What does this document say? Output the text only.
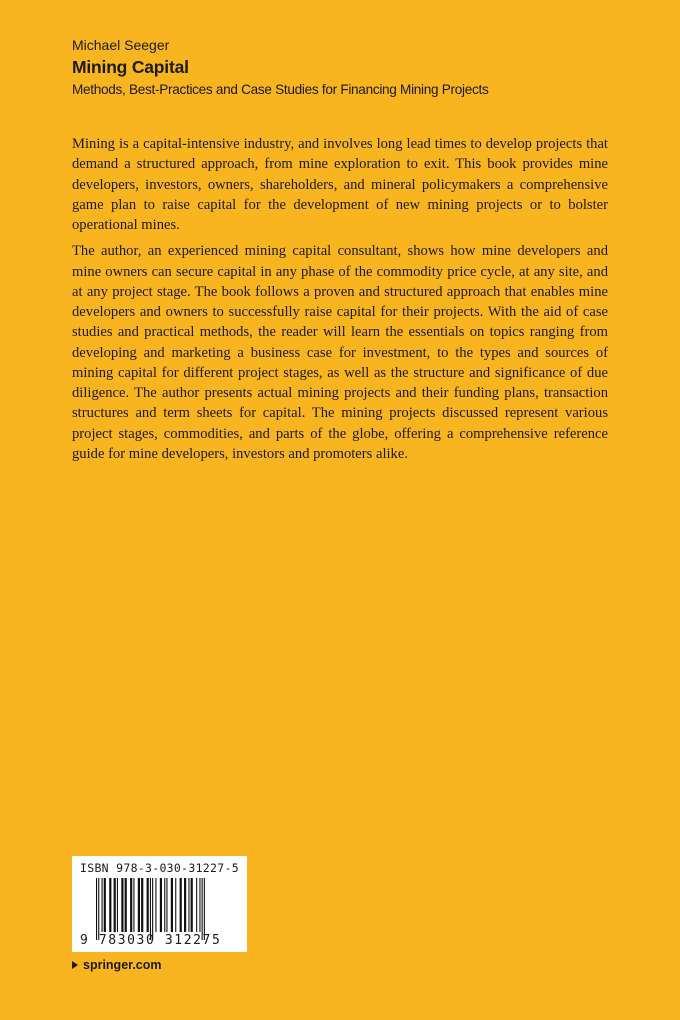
Michael Seeger
Mining Capital
Methods, Best-Practices and Case Studies for Financing Mining Projects

Mining is a capital-intensive industry, and involves long lead times to develop projects that demand a structured approach, from mine exploration to exit. This book provides mine developers, investors, owners, shareholders, and mineral policymakers a comprehensive game plan to raise capital for the development of new mining projects or to bolster operational mines.

The author, an experienced mining capital consultant, shows how mine developers and mine owners can secure capital in any phase of the commodity price cycle, at any site, and at any project stage. The book follows a proven and structured approach that enables mine developers and owners to successfully raise capital for their projects. With the aid of case studies and practical methods, the reader will learn the essentials on topics ranging from developing and marketing a business case for investment, to the types and sources of mining capital for different project stages, as well as the structure and significance of due diligence. The author presents actual mining projects and their funding plans, transaction structures and term sheets for capital. The mining projects discussed represent various project stages, commodities, and parts of the globe, offering a comprehensive reference guide for mine developers, investors and promoters alike.

ISBN 978-3-030-31227-5
9 783030 312275
springer.com
